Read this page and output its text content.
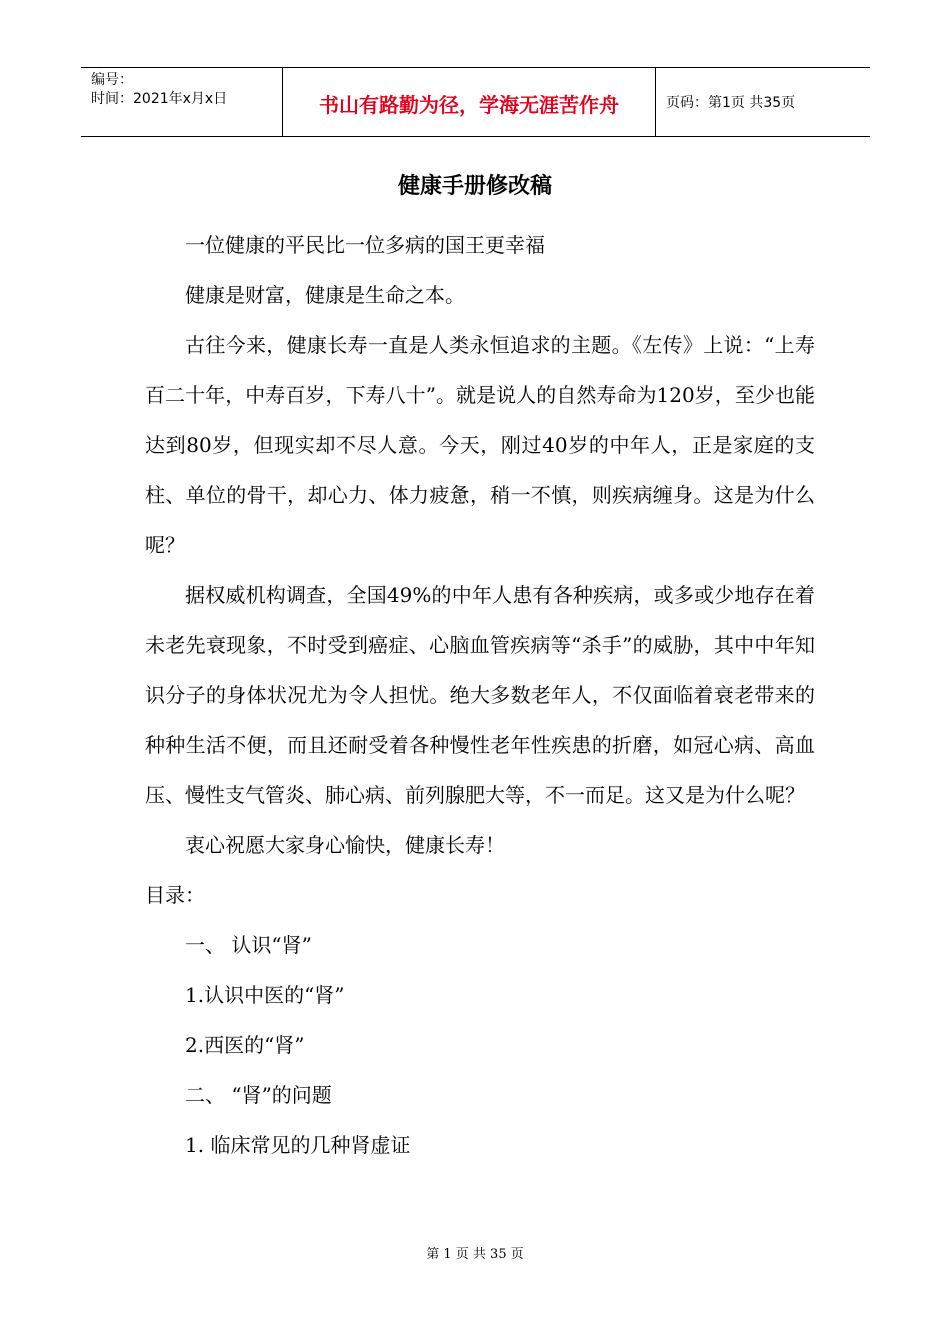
编号：
时间：2021年x月x日	书山有路勤为径，学海无涯苦作舟	页码：第1页 共35页
健康手册修改稿

一位健康的平民比一位多病的国王更幸福

健康是财富，健康是生命之本。

古往今来，健康长寿一直是人类永恒追求的主题。《左传》上说：“上寿百二十年，中寿百岁，下寿八十”。就是说人的自然寿命为120岁，至少也能达到80岁，但现实却不尽人意。今天，刚过40岁的中年人，正是家庭的支柱、单位的骨干，却心力、体力疲惫，稍一不慎，则疾病缠身。这是为什么呢？

据权威机构调查，全国49%的中年人患有各种疾病，或多或少地存在着未老先衰现象，不时受到癌症、心脑血管疾病等“杀手”的威胁，其中中年知识分子的身体状况尤为令人担忧。绝大多数老年人，不仅面临着衰老带来的种种生活不便，而且还耐受着各种慢性老年性疾患的折磨，如冠心病、高血压、慢性支气管炎、肺心病、前列腺肥大等，不一而足。这又是为什么呢？

衷心祝愿大家身心愉快，健康长寿！

目录：

一、 认识“肾”

1.认识中医的“肾”

2.西医的“肾”

二、 “肾”的问题

1. 临床常见的几种肾虚证

第 1 页 共 35 页
